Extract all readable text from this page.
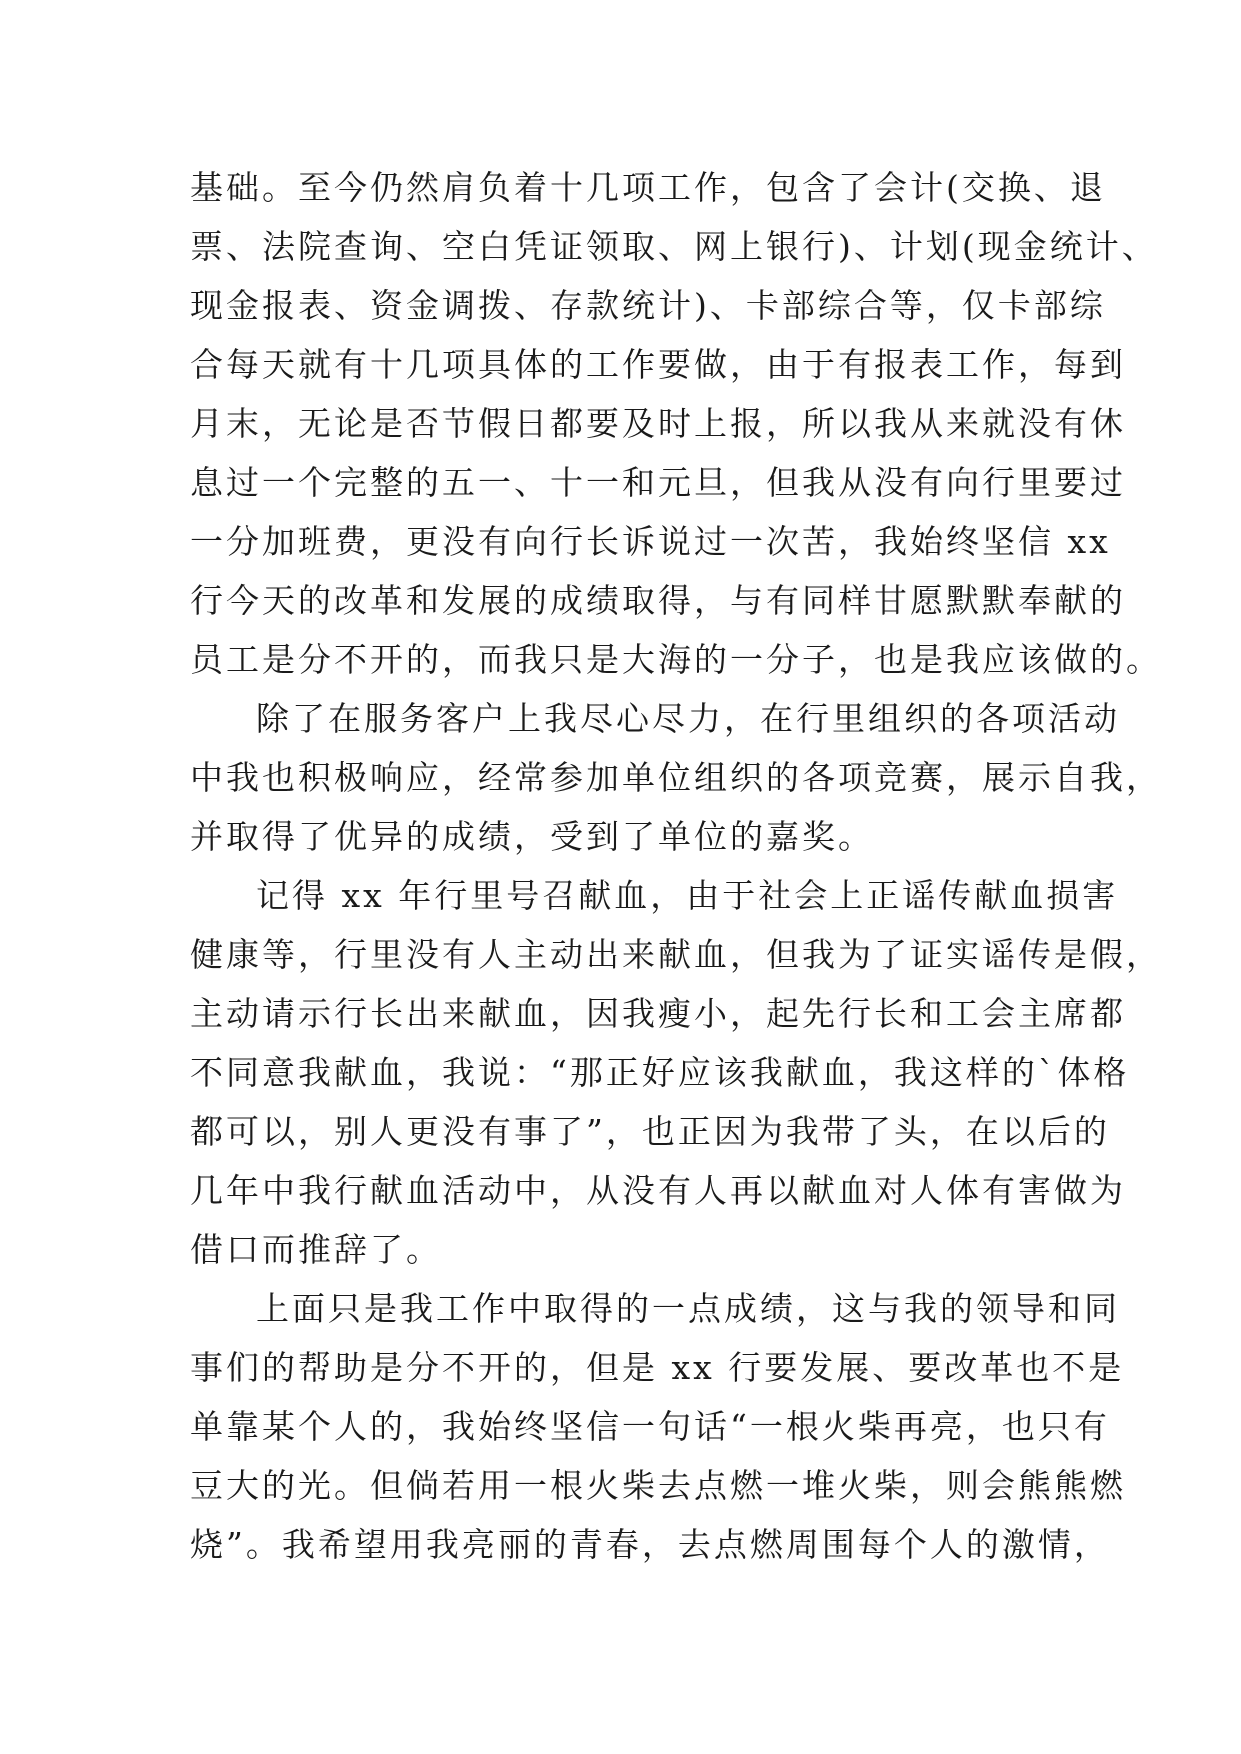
基础。至今仍然肩负着十几项工作，包含了会计(交换、退
票、法院查询、空白凭证领取、网上银行)、计划(现金统计、
现金报表、资金调拨、存款统计)、卡部综合等，仅卡部综
合每天就有十几项具体的工作要做，由于有报表工作，每到
月末，无论是否节假日都要及时上报，所以我从来就没有休
息过一个完整的五一、十一和元旦，但我从没有向行里要过
一分加班费，更没有向行长诉说过一次苦，我始终坚信 xx
行今天的改革和发展的成绩取得，与有同样甘愿默默奉献的
员工是分不开的，而我只是大海的一分子，也是我应该做的。
除了在服务客户上我尽心尽力，在行里组织的各项活动
中我也积极响应，经常参加单位组织的各项竞赛，展示自我，
并取得了优异的成绩，受到了单位的嘉奖。
记得 xx 年行里号召献血，由于社会上正谣传献血损害
健康等，行里没有人主动出来献血，但我为了证实谣传是假，
主动请示行长出来献血，因我瘦小，起先行长和工会主席都
不同意我献血，我说：“那正好应该我献血，我这样的`体格
都可以，别人更没有事了”，也正因为我带了头，在以后的
几年中我行献血活动中，从没有人再以献血对人体有害做为
借口而推辞了。
上面只是我工作中取得的一点成绩，这与我的领导和同
事们的帮助是分不开的，但是 xx 行要发展、要改革也不是
单靠某个人的，我始终坚信一句话“一根火柴再亮，也只有
豆大的光。但倘若用一根火柴去点燃一堆火柴，则会熊熊燃
烧”。我希望用我亮丽的青春，去点燃周围每个人的激情，
